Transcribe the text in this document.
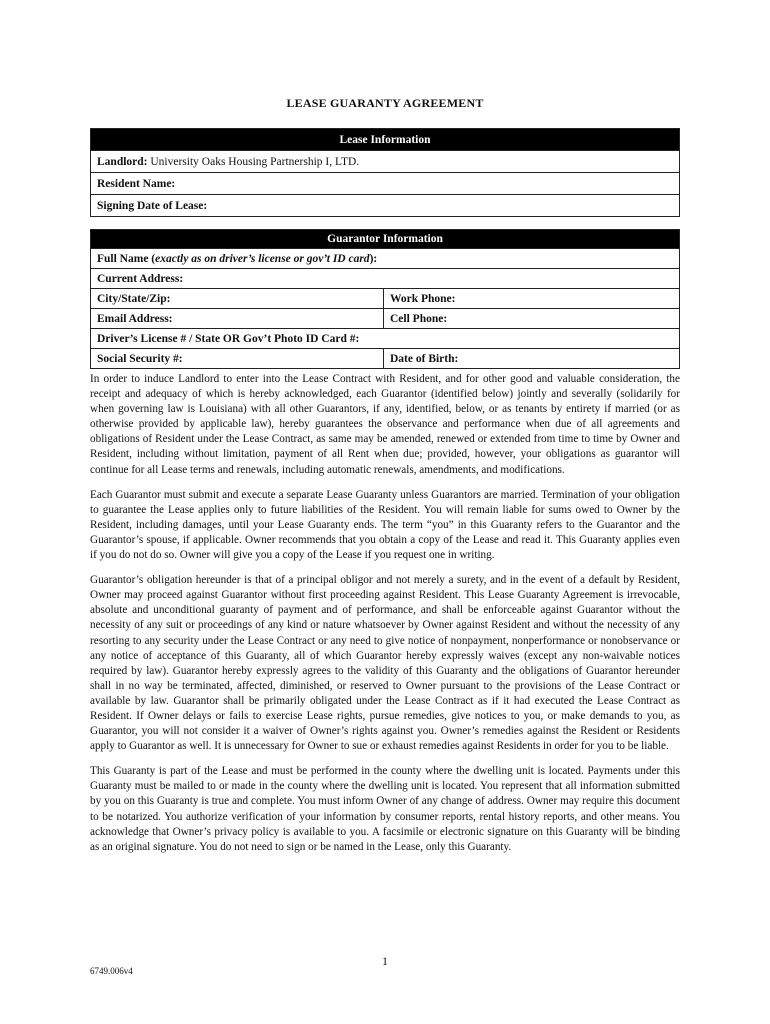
LEASE GUARANTY AGREEMENT
Lease Information
Landlord: University Oaks Housing Partnership I, LTD.
Resident Name:
Signing Date of Lease:
Guarantor Information	
Full Name (exactly as on driver’s license or gov’t ID card):	
Current Address:	
City/State/Zip:	Work Phone:
Email Address:	Cell Phone:
Driver’s License # / State OR Gov’t Photo ID Card #:	
Social Security #:	Date of Birth:

In order to induce Landlord to enter into the Lease Contract with Resident, and for other good and valuable consideration, the receipt and adequacy of which is hereby acknowledged, each Guarantor (identified below) jointly and severally (solidarily for when governing law is Louisiana) with all other Guarantors, if any, identified, below, or as tenants by entirety if married (or as otherwise provided by applicable law), hereby guarantees the observance and performance when due of all agreements and obligations of Resident under the Lease Contract, as same may be amended, renewed or extended from time to time by Owner and Resident, including without limitation, payment of all Rent when due; provided, however, your obligations as guarantor will continue for all Lease terms and renewals, including automatic renewals, amendments, and modifications.

Each Guarantor must submit and execute a separate Lease Guaranty unless Guarantors are married. Termination of your obligation to guarantee the Lease applies only to future liabilities of the Resident. You will remain liable for sums owed to Owner by the Resident, including damages, until your Lease Guaranty ends. The term “you” in this Guaranty refers to the Guarantor and the Guarantor’s spouse, if applicable. Owner recommends that you obtain a copy of the Lease and read it. This Guaranty applies even if you do not do so. Owner will give you a copy of the Lease if you request one in writing.

Guarantor’s obligation hereunder is that of a principal obligor and not merely a surety, and in the event of a default by Resident, Owner may proceed against Guarantor without first proceeding against Resident. This Lease Guaranty Agreement is irrevocable, absolute and unconditional guaranty of payment and of performance, and shall be enforceable against Guarantor without the necessity of any suit or proceedings of any kind or nature whatsoever by Owner against Resident and without the necessity of any resorting to any security under the Lease Contract or any need to give notice of nonpayment, nonperformance or nonobservance or any notice of acceptance of this Guaranty, all of which Guarantor hereby expressly waives (except any non-waivable notices required by law). Guarantor hereby expressly agrees to the validity of this Guaranty and the obligations of Guarantor hereunder shall in no way be terminated, affected, diminished, or reserved to Owner pursuant to the provisions of the Lease Contract or available by law. Guarantor shall be primarily obligated under the Lease Contract as if it had executed the Lease Contract as Resident. If Owner delays or fails to exercise Lease rights, pursue remedies, give notices to you, or make demands to you, as Guarantor, you will not consider it a waiver of Owner’s rights against you. Owner’s remedies against the Resident or Residents apply to Guarantor as well. It is unnecessary for Owner to sue or exhaust remedies against Residents in order for you to be liable.

This Guaranty is part of the Lease and must be performed in the county where the dwelling unit is located. Payments under this Guaranty must be mailed to or made in the county where the dwelling unit is located. You represent that all information submitted by you on this Guaranty is true and complete. You must inform Owner of any change of address. Owner may require this document to be notarized. You authorize verification of your information by consumer reports, rental history reports, and other means. You acknowledge that Owner’s privacy policy is available to you. A facsimile or electronic signature on this Guaranty will be binding as an original signature. You do not need to sign or be named in the Lease, only this Guaranty.

1
6749.006v4
